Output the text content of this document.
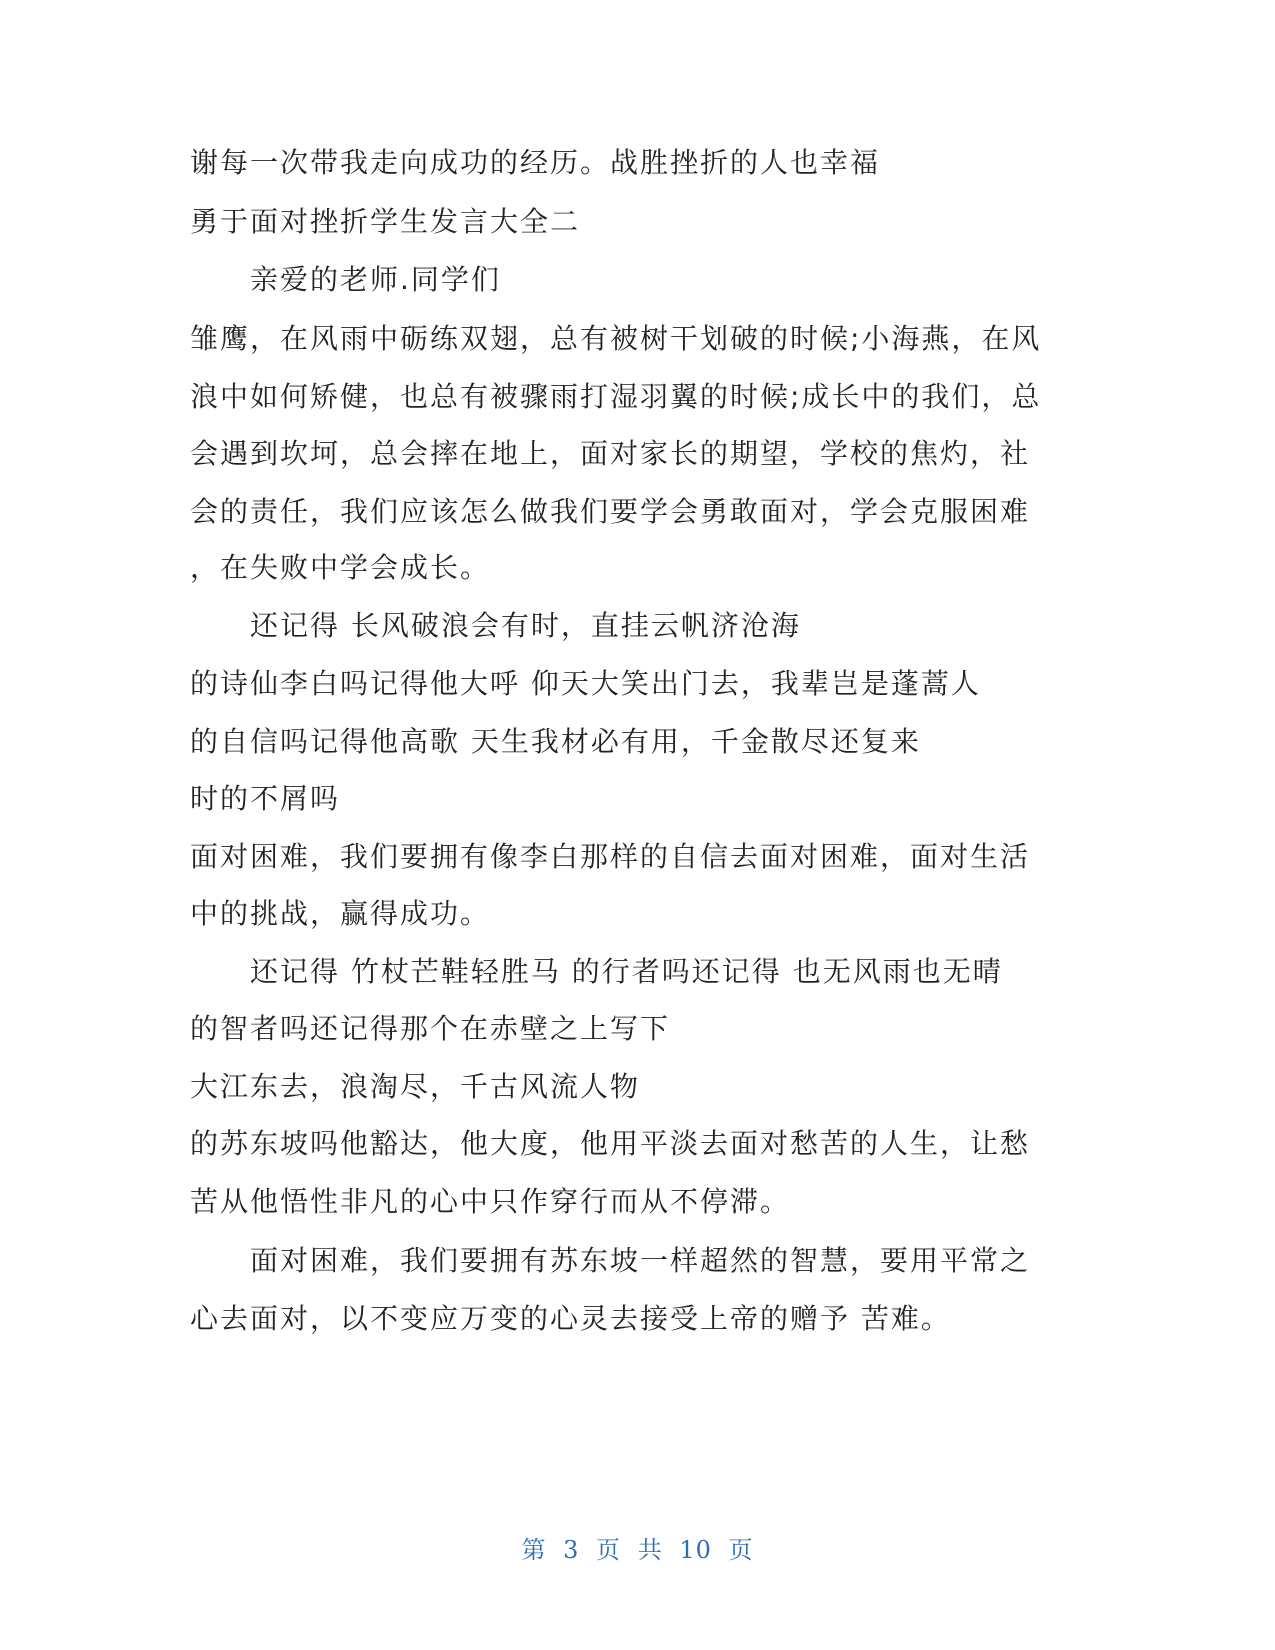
谢每一次带我走向成功的经历。战胜挫折的人也幸福

勇于面对挫折学生发言大全二

亲爱的老师.同学们

雏鹰，在风雨中砺练双翅，总有被树干划破的时候;小海燕，在风

浪中如何矫健，也总有被骤雨打湿羽翼的时候;成长中的我们，总

会遇到坎坷，总会摔在地上，面对家长的期望，学校的焦灼，社

会的责任，我们应该怎么做我们要学会勇敢面对，学会克服困难

，在失败中学会成长。

还记得 长风破浪会有时，直挂云帆济沧海

的诗仙李白吗记得他大呼 仰天大笑出门去，我辈岂是蓬蒿人

的自信吗记得他高歌 天生我材必有用，千金散尽还复来

时的不屑吗

面对困难，我们要拥有像李白那样的自信去面对困难，面对生活

中的挑战，赢得成功。

还记得 竹杖芒鞋轻胜马 的行者吗还记得 也无风雨也无晴

的智者吗还记得那个在赤壁之上写下

大江东去，浪淘尽，千古风流人物

的苏东坡吗他豁达，他大度，他用平淡去面对愁苦的人生，让愁

苦从他悟性非凡的心中只作穿行而从不停滞。

面对困难，我们要拥有苏东坡一样超然的智慧，要用平常之

心去面对，以不变应万变的心灵去接受上帝的赠予 苦难。

第 3 页 共 10 页
